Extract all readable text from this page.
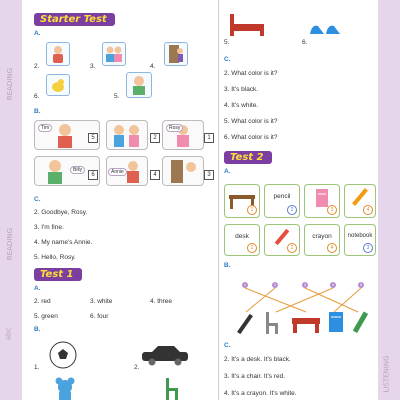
READING
READING
abc
LISTENING
Starter Test
A.
2.	3.	4.
5.
6.
B.
Tim
5	2
Rosy
1
Billy
6	Annie	4	3
C.
2. Goodbye, Rosy.
3. I'm fine.
4. My name's Annie.
5. Hello, Rosy.
Test 1
A.
2. red	3. white	4. three
5. green	6. four
B.
1.	2.
5.	6.
C.
2. What color is it?
3. It's black.
4. It's white.
5. What color is it?
6. What color is it?
Test 2
A.
1
pencil
2	3	4
desk
1	2
crayon
4
notebook
3
B.
1	2	3	4	5
C.
2. It's a desk. It's black.
3. It's a chair. It's red.
4. It's a crayon. It's white.
